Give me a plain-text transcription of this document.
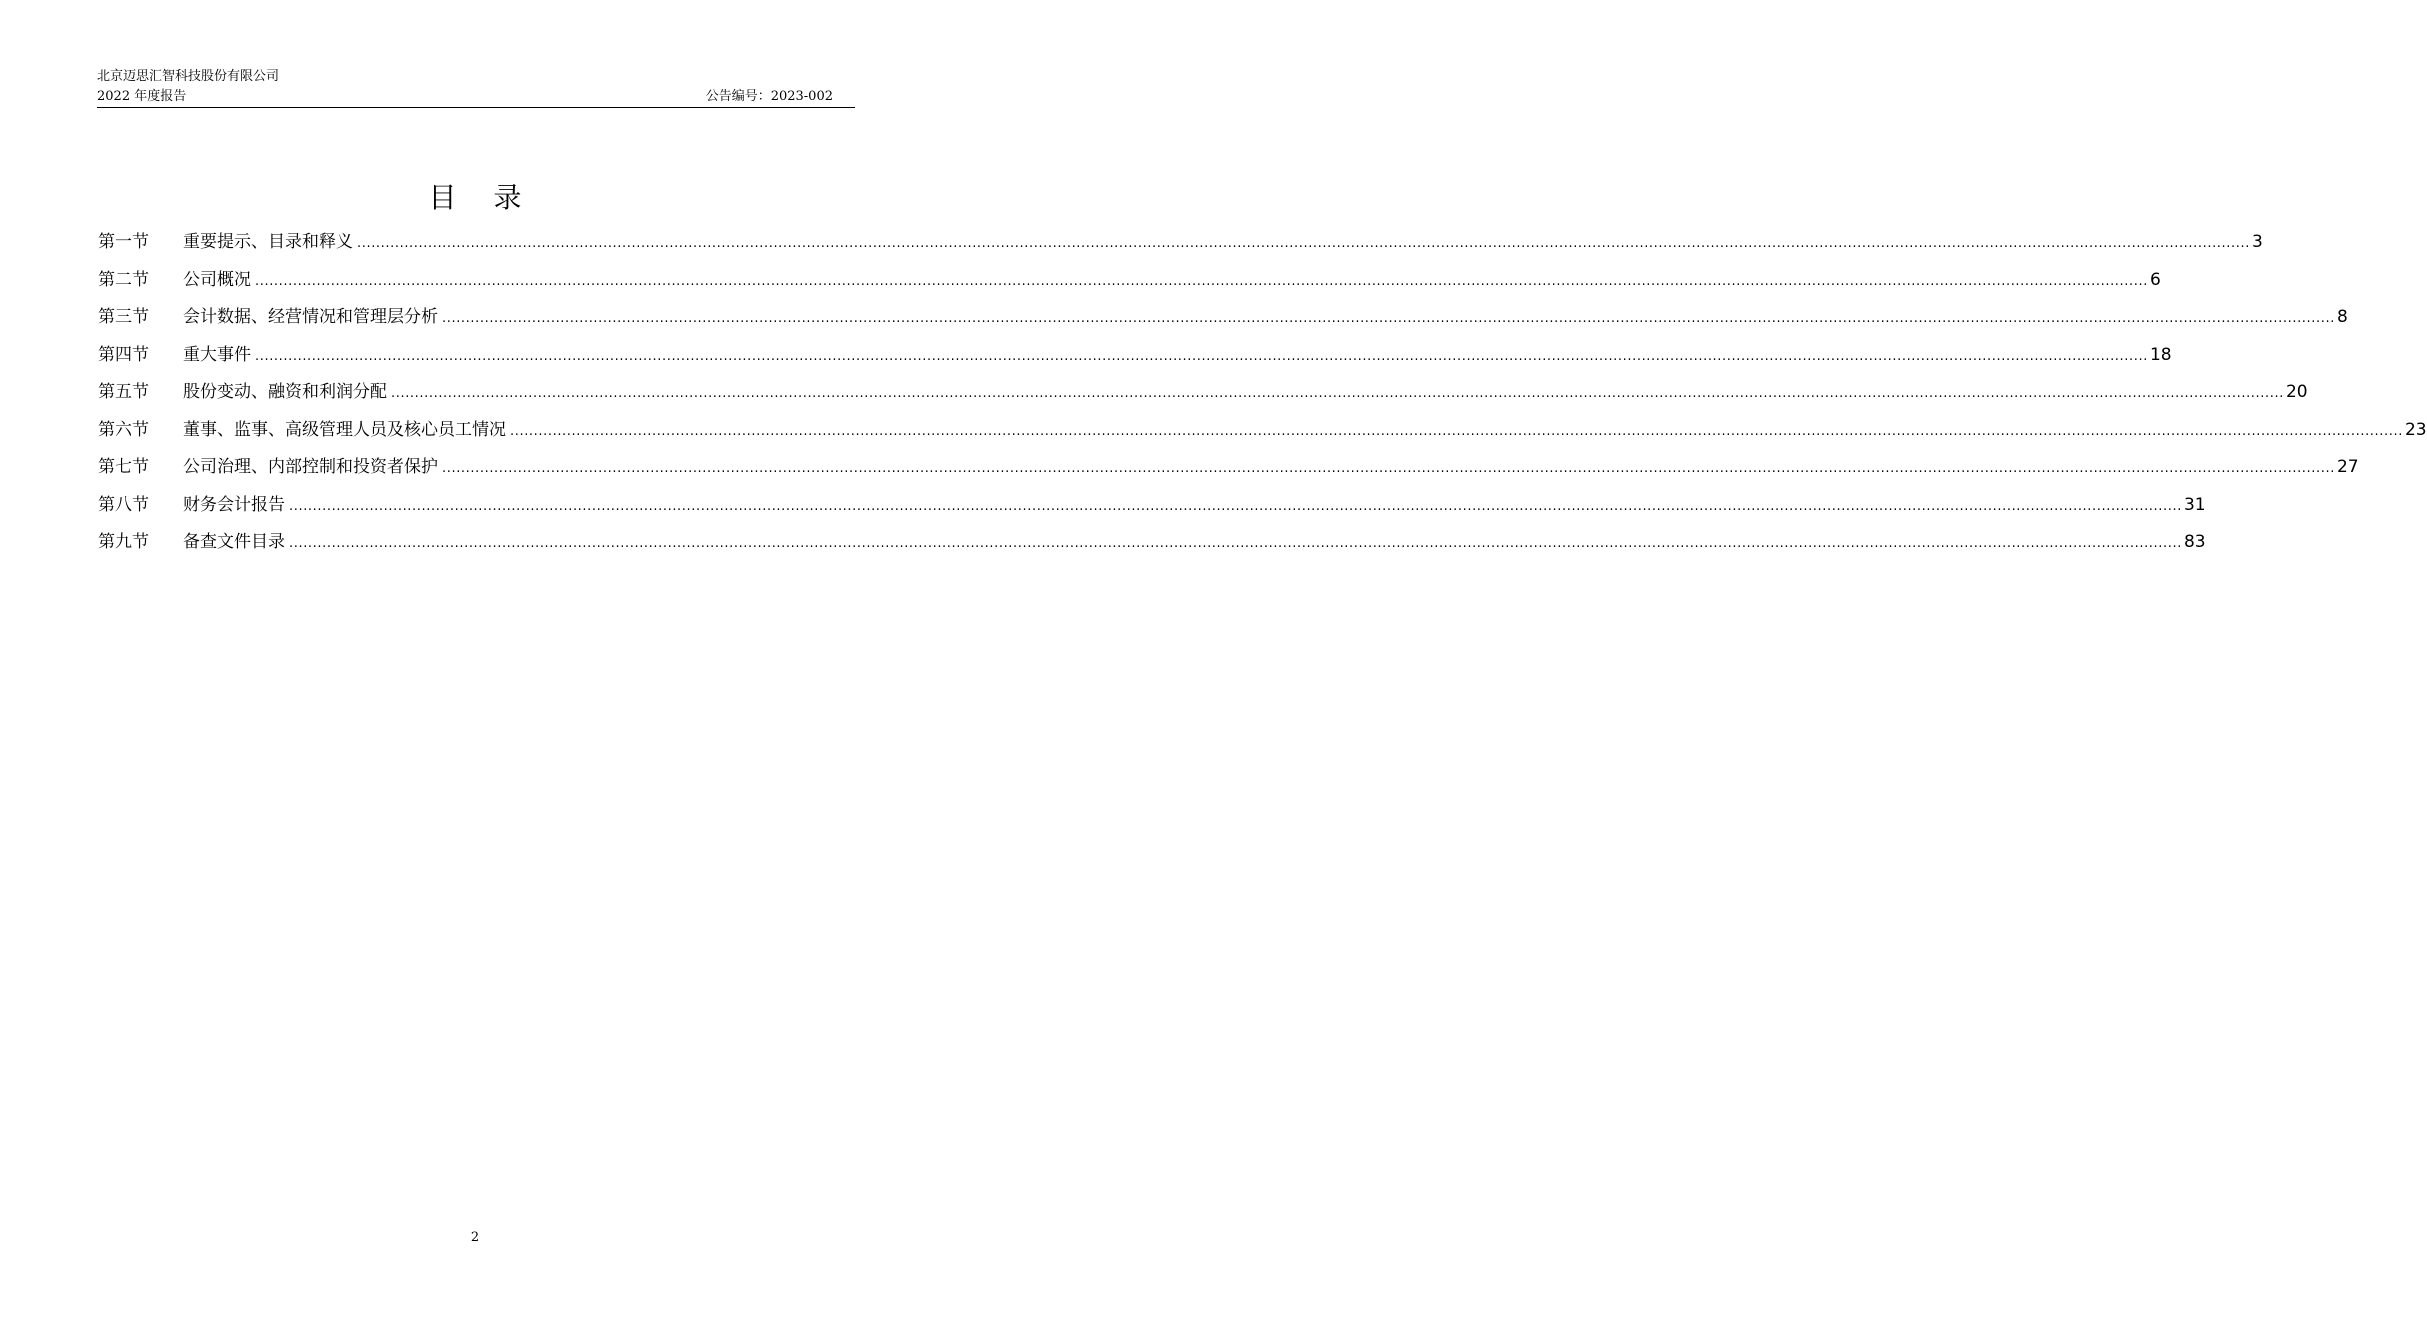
北京迈思汇智科技股份有限公司
2022 年度报告	公告编号：2023-002
目 录
第一节	重要提示、目录和释义 ................................................................................................................................................................................................................................................................................................................................................................................................................ 3
第二节	公司概况 ................................................................................................................................................................................................................................................................................................................................................................................................................ 6
第三节	会计数据、经营情况和管理层分析 ................................................................................................................................................................................................................................................................................................................................................................................................................ 8
第四节	重大事件 ................................................................................................................................................................................................................................................................................................................................................................................................................ 18
第五节	股份变动、融资和利润分配 ................................................................................................................................................................................................................................................................................................................................................................................................................ 20
第六节	董事、监事、高级管理人员及核心员工情况 ................................................................................................................................................................................................................................................................................................................................................................................................................ 23
第七节	公司治理、内部控制和投资者保护 ................................................................................................................................................................................................................................................................................................................................................................................................................ 27
第八节	财务会计报告 ................................................................................................................................................................................................................................................................................................................................................................................................................ 31
第九节	备查文件目录 ................................................................................................................................................................................................................................................................................................................................................................................................................ 83
2
